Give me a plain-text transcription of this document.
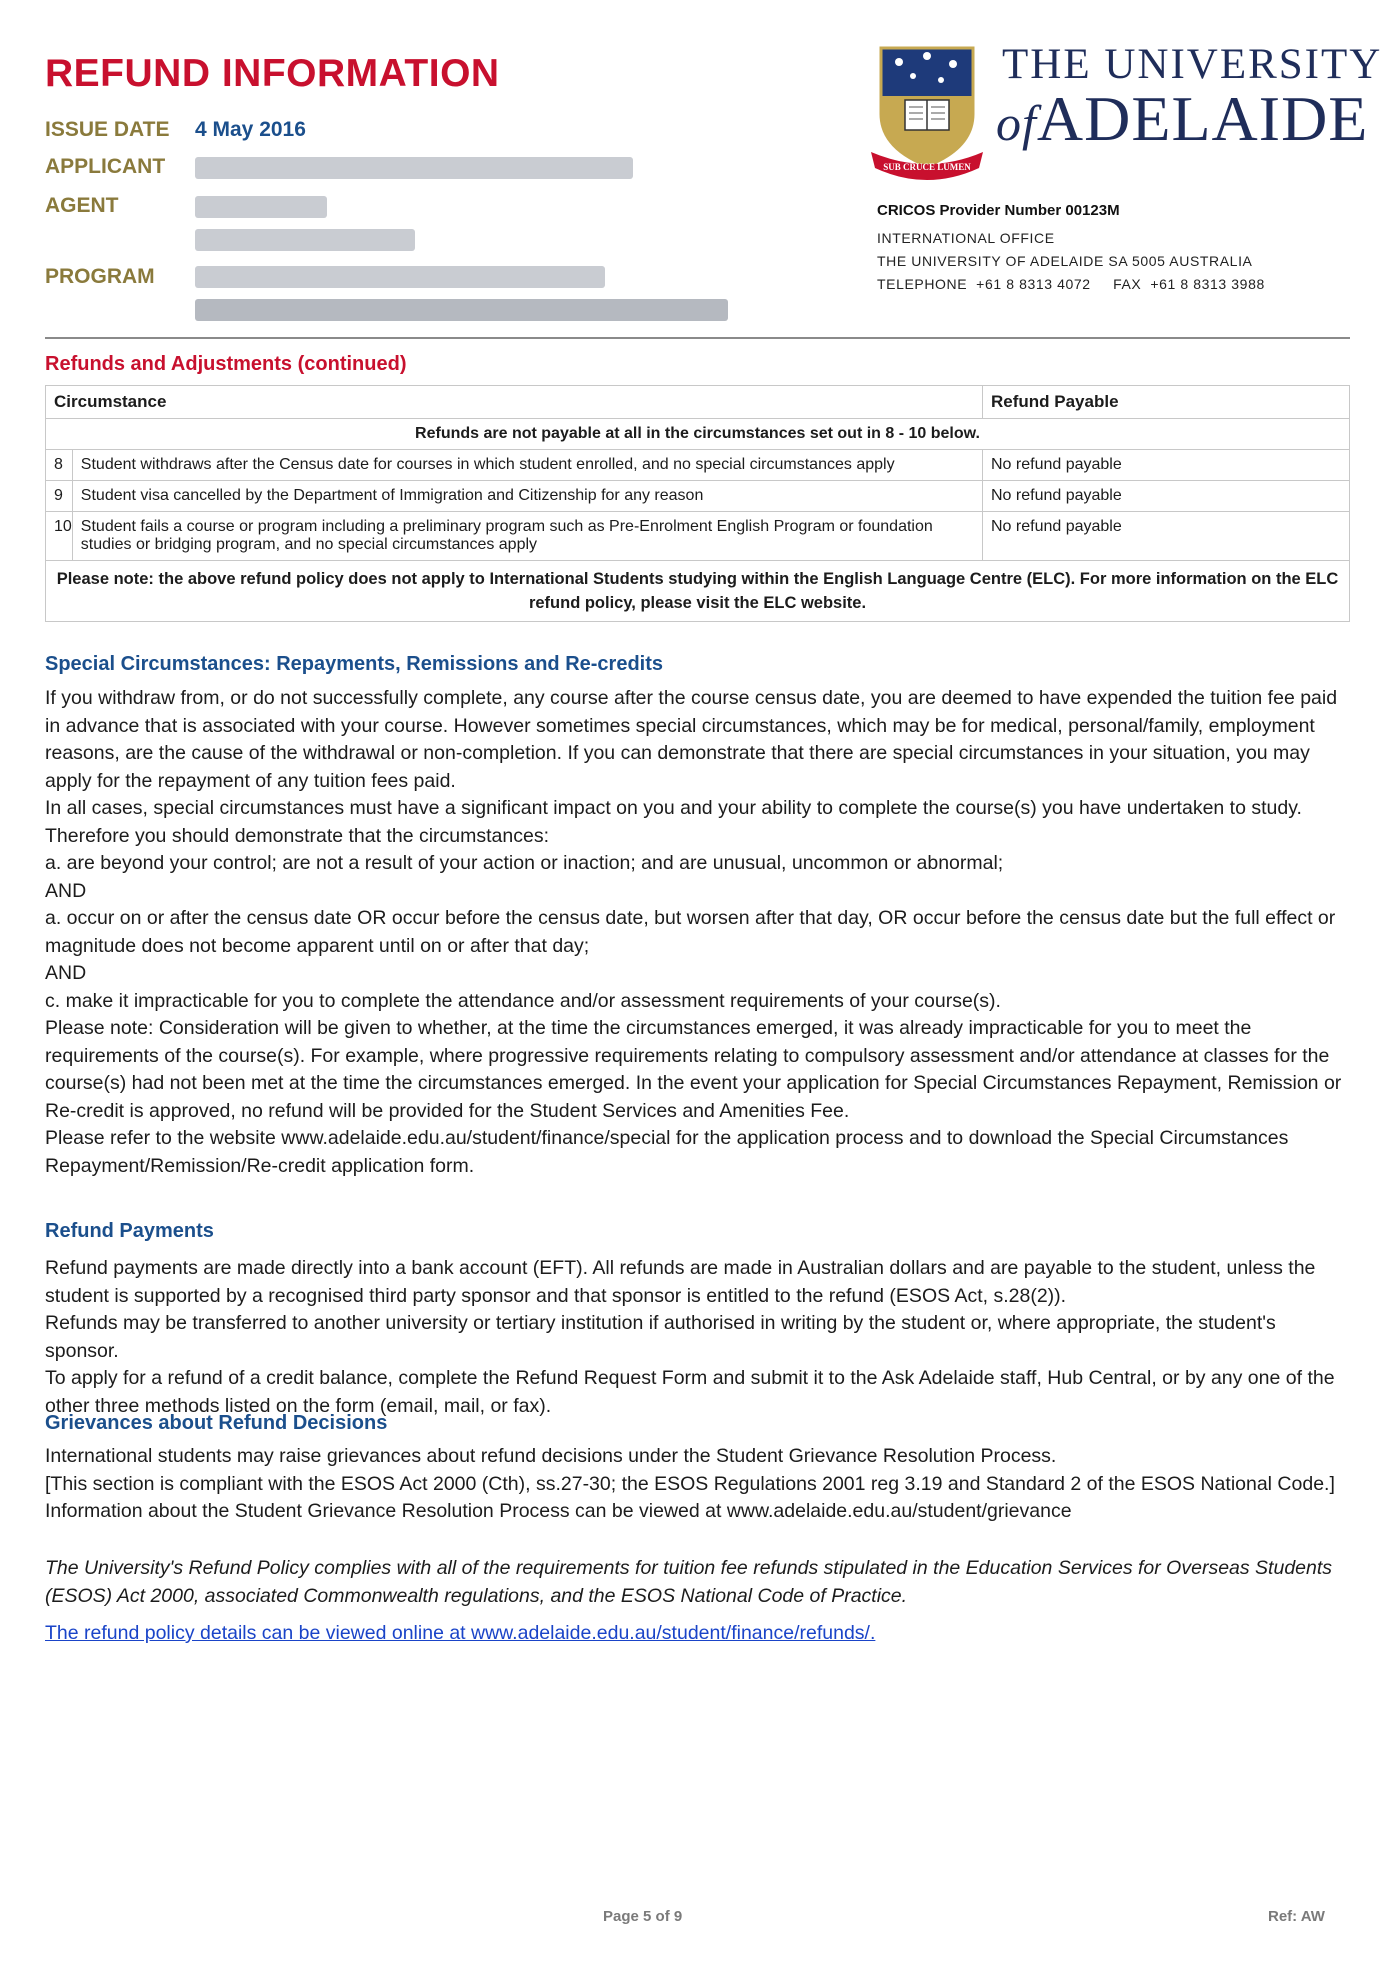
REFUND INFORMATION
ISSUE DATE 4 May 2016
APPLICANT
AGENT
PROGRAM
SUB CRUCE LUMEN
THE UNIVERSITY
ofADELAIDE
CRICOS Provider Number 00123M
INTERNATIONAL OFFICE
THE UNIVERSITY OF ADELAIDE SA 5005 AUSTRALIA
TELEPHONE  +61 8 8313 4072     FAX  +61 8 8313 3988
Refunds and Adjustments (continued)
Circumstance		Refund Payable
Refunds are not payable at all in the circumstances set out in 8 - 10 below.		
8	Student withdraws after the Census date for courses in which student enrolled, and no special circumstances apply	No refund payable
9	Student visa cancelled by the Department of Immigration and Citizenship for any reason	No refund payable
10	Student fails a course or program including a preliminary program such as Pre-Enrolment English Program or foundation studies or bridging program, and no special circumstances apply	No refund payable
Please note: the above refund policy does not apply to International Students studying within the English Language Centre (ELC). For more information on the ELC refund policy, please visit the ELC website.		
Special Circumstances: Repayments, Remissions and Re-credits

If you withdraw from, or do not successfully complete, any course after the course census date, you are deemed to have expended the tuition fee paid in advance that is associated with your course. However sometimes special circumstances, which may be for medical, personal/family, employment reasons, are the cause of the withdrawal or non-completion. If you can demonstrate that there are special circumstances in your situation, you may apply for the repayment of any tuition fees paid.

In all cases, special circumstances must have a significant impact on you and your ability to complete the course(s) you have undertaken to study.

Therefore you should demonstrate that the circumstances:

a. are beyond your control; are not a result of your action or inaction; and are unusual, uncommon or abnormal;

AND

a. occur on or after the census date OR occur before the census date, but worsen after that day, OR occur before the census date but the full effect or magnitude does not become apparent until on or after that day;

AND

c. make it impracticable for you to complete the attendance and/or assessment requirements of your course(s).

Please note: Consideration will be given to whether, at the time the circumstances emerged, it was already impracticable for you to meet the requirements of the course(s). For example, where progressive requirements relating to compulsory assessment and/or attendance at classes for the course(s) had not been met at the time the circumstances emerged. In the event your application for Special Circumstances Repayment, Remission or Re-credit is approved, no refund will be provided for the Student Services and Amenities Fee.

Please refer to the website www.adelaide.edu.au/student/finance/special for the application process and to download the Special Circumstances Repayment/Remission/Re-credit application form.

Refund Payments

Refund payments are made directly into a bank account (EFT). All refunds are made in Australian dollars and are payable to the student, unless the student is supported by a recognised third party sponsor and that sponsor is entitled to the refund (ESOS Act, s.28(2)).

Refunds may be transferred to another university or tertiary institution if authorised in writing by the student or, where appropriate, the student's sponsor.

To apply for a refund of a credit balance, complete the Refund Request Form and submit it to the Ask Adelaide staff, Hub Central, or by any one of the other three methods listed on the form (email, mail, or fax).

Grievances about Refund Decisions

International students may raise grievances about refund decisions under the Student Grievance Resolution Process.

[This section is compliant with the ESOS Act 2000 (Cth), ss.27-30; the ESOS Regulations 2001 reg 3.19 and Standard 2 of the ESOS National Code.]

Information about the Student Grievance Resolution Process can be viewed at www.adelaide.edu.au/student/grievance

The University's Refund Policy complies with all of the requirements for tuition fee refunds stipulated in the Education Services for Overseas Students (ESOS) Act 2000, associated Commonwealth regulations, and the ESOS National Code of Practice.
The refund policy details can be viewed online at www.adelaide.edu.au/student/finance/refunds/.
Page 5 of 9	Ref: AW
